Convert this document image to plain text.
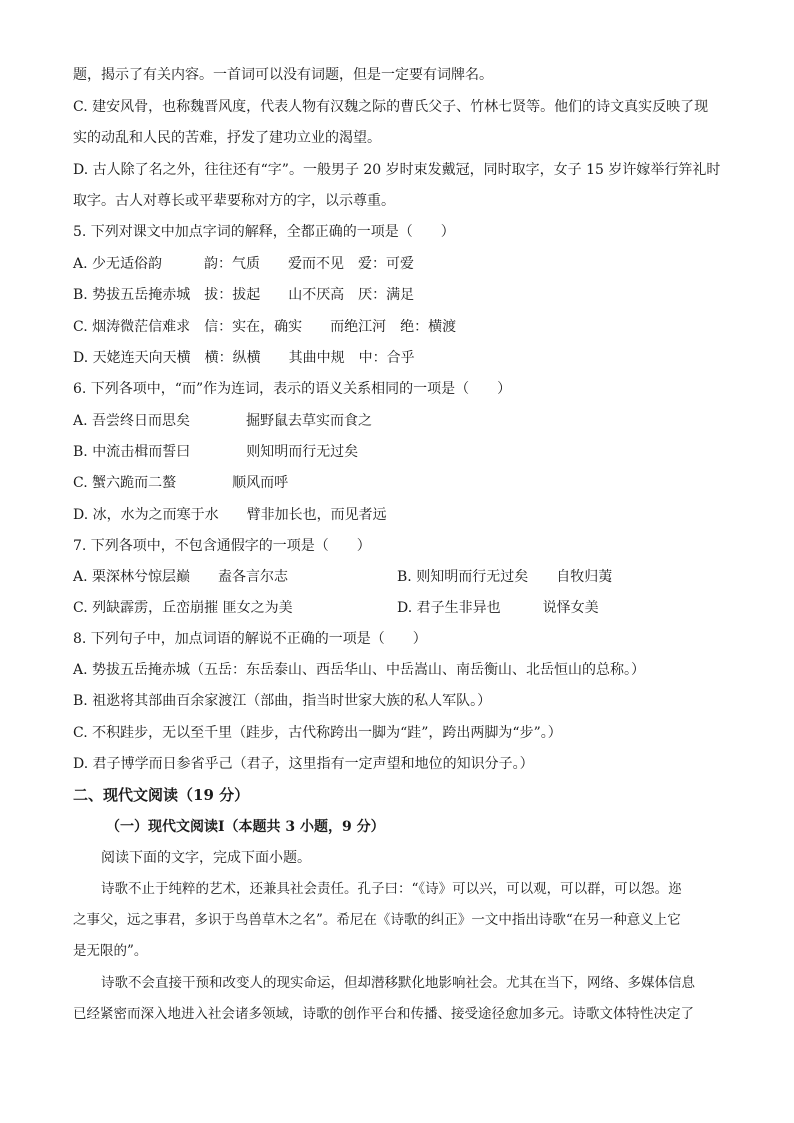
题，揭示了有关内容。一首词可以没有词题，但是一定要有词牌名。
C. 建安风骨，也称魏晋风度，代表人物有汉魏之际的曹氏父子、竹林七贤等。他们的诗文真实反映了现
实的动乱和人民的苦难，抒发了建功立业的渴望。
D. 古人除了名之外，往往还有“字”。一般男子 20 岁时束发戴冠，同时取字，女子 15 岁许嫁举行笄礼时
取字。古人对尊长或平辈要称对方的字，以示尊重。
5. 下列对课文中加点字词的解释，全都正确的一项是（　　）
A. 少无适俗韵　　　韵：气质　　爱而不见　爱：可爱
B. 势拔五岳掩赤城　拔：拔起　　山不厌高　厌：满足
C. 烟涛微茫信难求　信：实在，确实　　而绝江河　绝：横渡
D. 天姥连天向天横　横：纵横　　其曲中规　中：合乎
6. 下列各项中，“而”作为连词，表示的语义关系相同的一项是（　　）
A. 吾尝终日而思矣　　　　掘野鼠去草实而食之
B. 中流击楫而誓曰　　　　则知明而行无过矣
C. 蟹六跪而二螯　　　　顺风而呼
D. 冰，水为之而寒于水　　臂非加长也，而见者远
7. 下列各项中，不包含通假字的一项是（　　）
A. 栗深林兮惊层巅　　盍各言尔志	B. 则知明而行无过矣　　自牧归荑
C. 列缺霹雳，丘峦崩摧 匪女之为美	D. 君子生非异也　　　说怿女美
8. 下列句子中，加点词语的解说不正确的一项是（　　）
A. 势拔五岳掩赤城（五岳：东岳泰山、西岳华山、中岳嵩山、南岳衡山、北岳恒山的总称。）
B. 祖逖将其部曲百余家渡江（部曲，指当时世家大族的私人军队。）
C. 不积跬步，无以至千里（跬步，古代称跨出一脚为“跬”，跨出两脚为“步”。）
D. 君子博学而日参省乎己（君子，这里指有一定声望和地位的知识分子。）
二、现代文阅读（19 分）
（一）现代文阅读Ⅰ（本题共 3 小题，9 分）
阅读下面的文字，完成下面小题。
诗歌不止于纯粹的艺术，还兼具社会责任。孔子曰：“《诗》可以兴，可以观，可以群，可以怨。迩
之事父，远之事君，多识于鸟兽草木之名”。希尼在《诗歌的纠正》一文中指出诗歌“在另一种意义上它
是无限的”。
诗歌不会直接干预和改变人的现实命运，但却潜移默化地影响社会。尤其在当下，网络、多媒体信息
已经紧密而深入地进入社会诸多领域，诗歌的创作平台和传播、接受途径愈加多元。诗歌文体特性决定了
